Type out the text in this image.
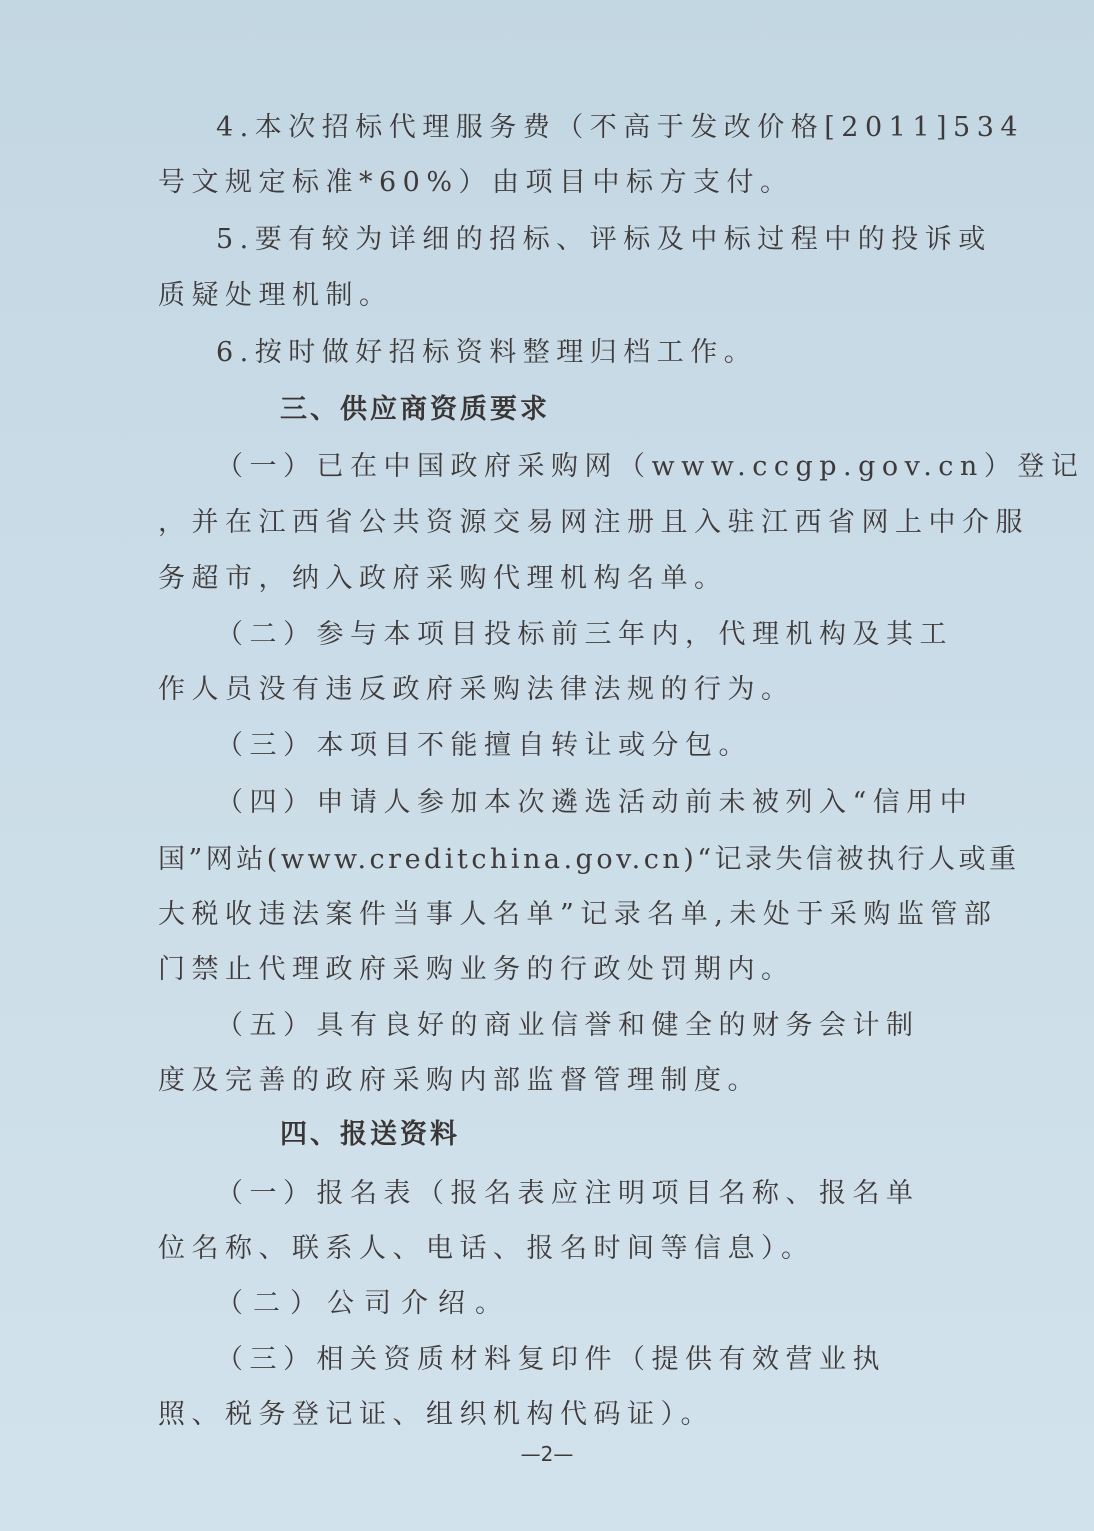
4.本次招标代理服务费（不高于发改价格[2011]534
号文规定标准*60%）由项目中标方支付。
5.要有较为详细的招标、评标及中标过程中的投诉或
质疑处理机制。
6.按时做好招标资料整理归档工作。
三、供应商资质要求
（一）已在中国政府采购网（www.ccgp.gov.cn）登记
，并在江西省公共资源交易网注册且入驻江西省网上中介服
务超市，纳入政府采购代理机构名单。
（二）参与本项目投标前三年内，代理机构及其工
作人员没有违反政府采购法律法规的行为。
（三）本项目不能擅自转让或分包。
（四）申请人参加本次遴选活动前未被列入“信用中
国”网站(www.creditchina.gov.cn)“记录失信被执行人或重
大税收违法案件当事人名单”记录名单,未处于采购监管部
门禁止代理政府采购业务的行政处罚期内。
（五）具有良好的商业信誉和健全的财务会计制
度及完善的政府采购内部监督管理制度。
四、报送资料
（一）报名表（报名表应注明项目名称、报名单
位名称、联系人、电话、报名时间等信息）。
（二）公司介绍。
（三）相关资质材料复印件（提供有效营业执
照、税务登记证、组织机构代码证）。
—2—
